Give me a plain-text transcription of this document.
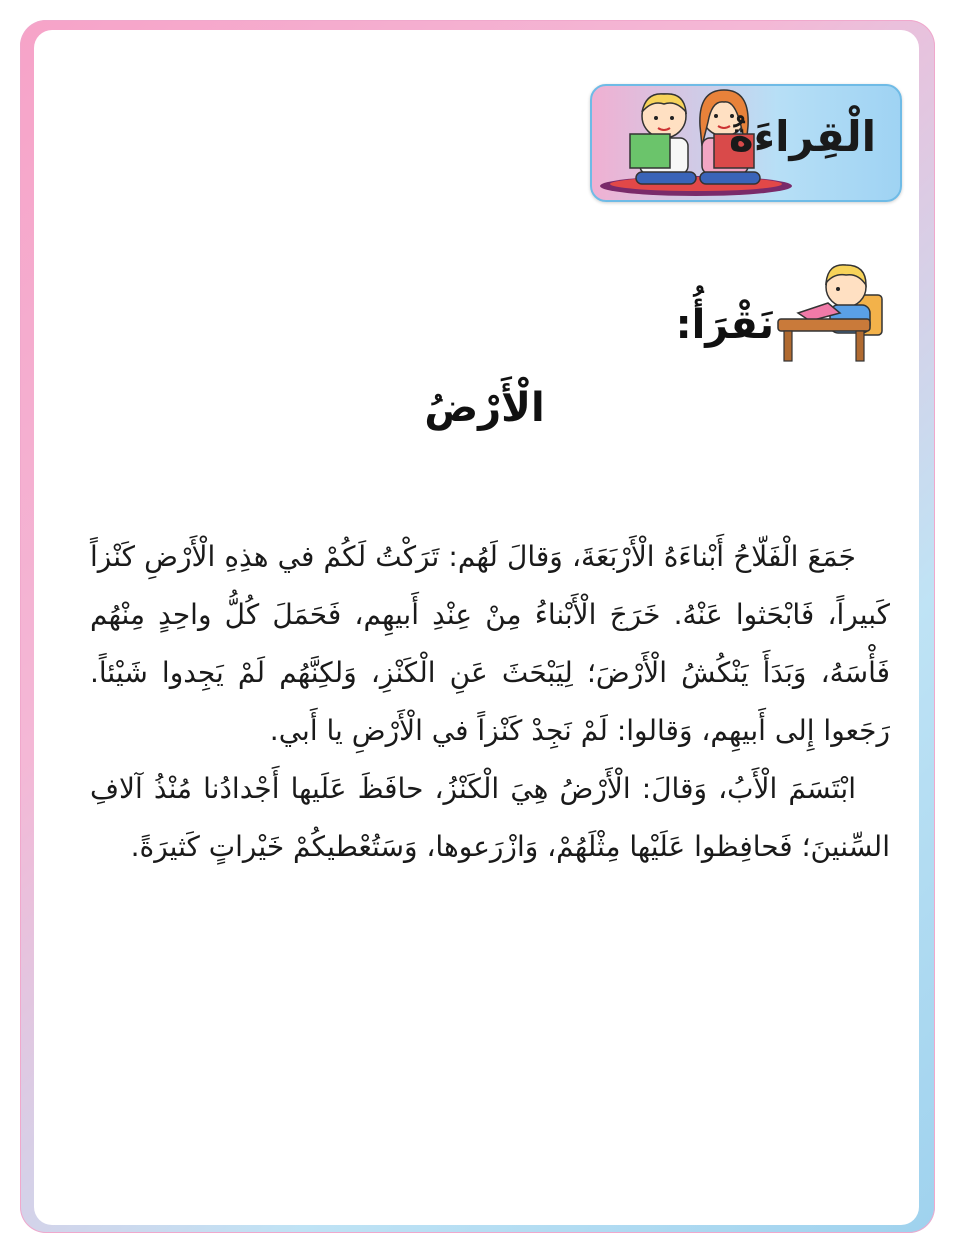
الْقِراءَةُ
نَقْرَأُ:
الْأَرْضُ

جَمَعَ الْفَلّاحُ أَبْناءَهُ الْأَرْبَعَةَ، وَقالَ لَهُم: تَرَكْتُ لَكُمْ في هذِهِ الْأَرْضِ كَنْزاً كَبيراً، فَابْحَثوا عَنْهُ. خَرَجَ الْأَبْناءُ مِنْ عِنْدِ أَبيهِم، فَحَمَلَ كُلُّ واحِدٍ مِنْهُم فَأْسَهُ، وَبَدَأَ يَنْكُشُ الْأَرْضَ؛ لِيَبْحَثَ عَنِ الْكَنْزِ، وَلكِنَّهُم لَمْ يَجِدوا شَيْئاً. رَجَعوا إِلى أَبيهِم، وَقالوا: لَمْ نَجِدْ كَنْزاً في الْأَرْضِ يا أَبي.

ابْتَسَمَ الْأَبُ، وَقالَ: الْأَرْضُ هِيَ الْكَنْزُ، حافَظَ عَلَيها أَجْدادُنا مُنْذُ آلافِ السِّنينَ؛ فَحافِظوا عَلَيْها مِثْلَهُمْ، وَازْرَعوها، وَسَتُعْطيكُمْ خَيْراتٍ كَثيرَةً.
